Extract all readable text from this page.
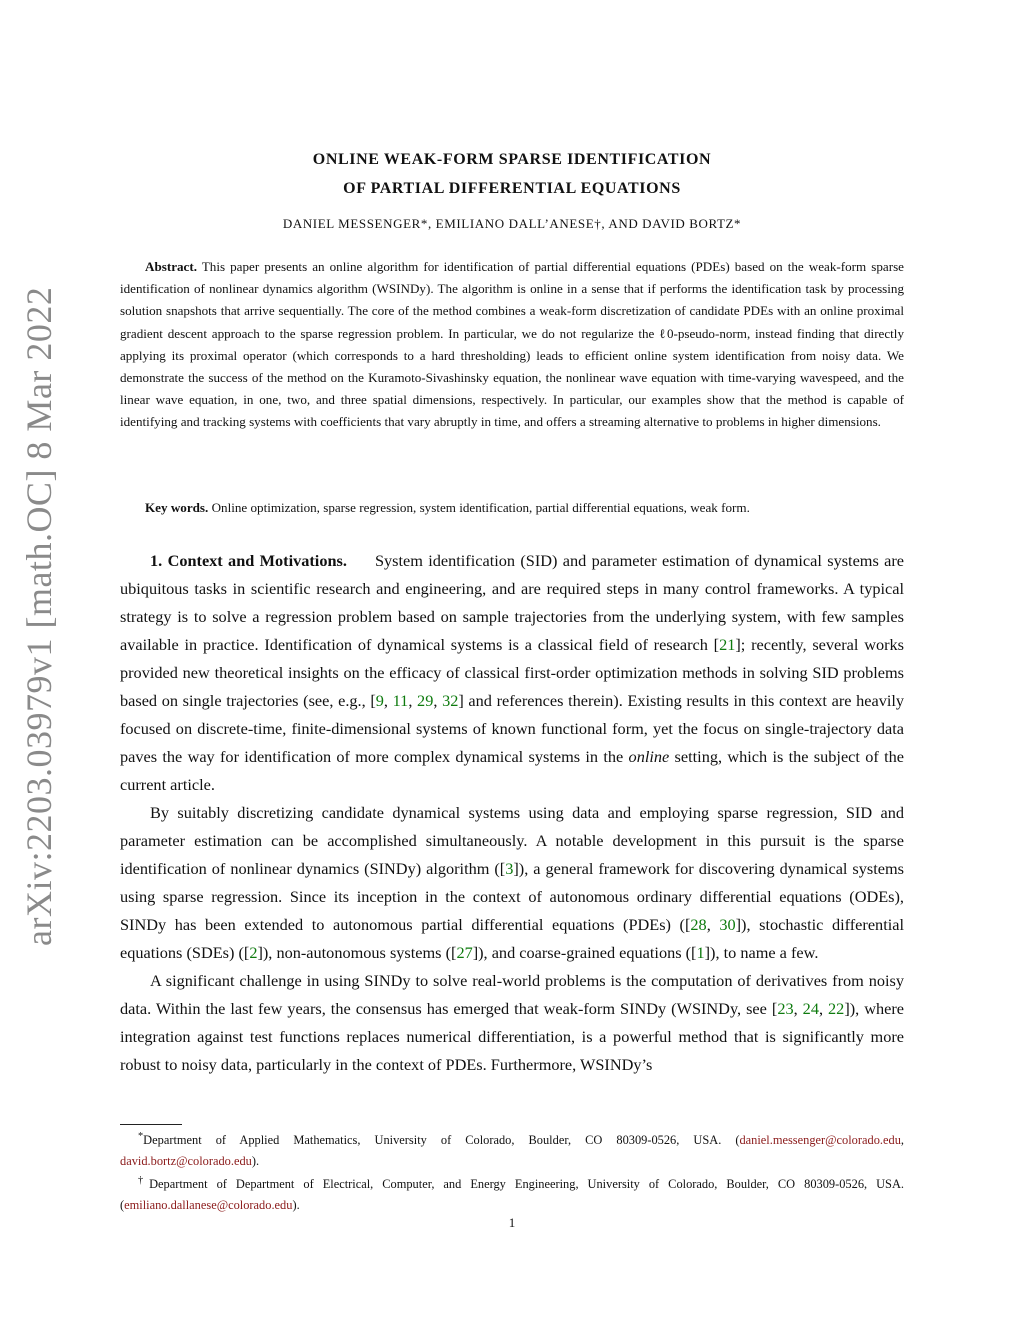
arXiv:2203.03979v1 [math.OC] 8 Mar 2022
ONLINE WEAK-FORM SPARSE IDENTIFICATION
OF PARTIAL DIFFERENTIAL EQUATIONS
DANIEL MESSENGER*, EMILIANO DALL’ANESE†, AND DAVID BORTZ*
Abstract. This paper presents an online algorithm for identification of partial differential equations (PDEs) based on the weak-form sparse identification of nonlinear dynamics algorithm (WSINDy). The algorithm is online in a sense that if performs the identification task by processing solution snapshots that arrive sequentially. The core of the method combines a weak-form discretization of candidate PDEs with an online proximal gradient descent approach to the sparse regression problem. In particular, we do not regularize the ℓ0-pseudo-norm, instead finding that directly applying its proximal operator (which corresponds to a hard thresholding) leads to efficient online system identification from noisy data. We demonstrate the success of the method on the Kuramoto-Sivashinsky equation, the nonlinear wave equation with time-varying wavespeed, and the linear wave equation, in one, two, and three spatial dimensions, respectively. In particular, our examples show that the method is capable of identifying and tracking systems with coefficients that vary abruptly in time, and offers a streaming alternative to problems in higher dimensions.
Key words. Online optimization, sparse regression, system identification, partial differential equations, weak form.

1. Context and Motivations. System identification (SID) and parameter estimation of dynamical systems are ubiquitous tasks in scientific research and engineering, and are required steps in many control frameworks. A typical strategy is to solve a regression problem based on sample trajectories from the underlying system, with few samples available in practice. Identification of dynamical systems is a classical field of research [21]; recently, several works provided new theoretical insights on the efficacy of classical first-order optimization methods in solving SID problems based on single trajectories (see, e.g., [9, 11, 29, 32] and references therein). Existing results in this context are heavily focused on discrete-time, finite-dimensional systems of known functional form, yet the focus on single-trajectory data paves the way for identification of more complex dynamical systems in the online setting, which is the subject of the current article.

By suitably discretizing candidate dynamical systems using data and employing sparse regression, SID and parameter estimation can be accomplished simultaneously. A notable development in this pursuit is the sparse identification of nonlinear dynamics (SINDy) algorithm ([3]), a general framework for discovering dynamical systems using sparse regression. Since its inception in the context of autonomous ordinary differential equations (ODEs), SINDy has been extended to autonomous partial differential equations (PDEs) ([28, 30]), stochastic differential equations (SDEs) ([2]), non-autonomous systems ([27]), and coarse-grained equations ([1]), to name a few.

A significant challenge in using SINDy to solve real-world problems is the computation of derivatives from noisy data. Within the last few years, the consensus has emerged that weak-form SINDy (WSINDy, see [23, 24, 22]), where integration against test functions replaces numerical differentiation, is a powerful method that is significantly more robust to noisy data, particularly in the context of PDEs. Furthermore, WSINDy’s

*Department of Applied Mathematics, University of Colorado, Boulder, CO 80309-0526, USA. (daniel.messenger@colorado.edu, david.bortz@colorado.edu).

†Department of Department of Electrical, Computer, and Energy Engineering, University of Colorado, Boulder, CO 80309-0526, USA. (emiliano.dallanese@colorado.edu).

1
